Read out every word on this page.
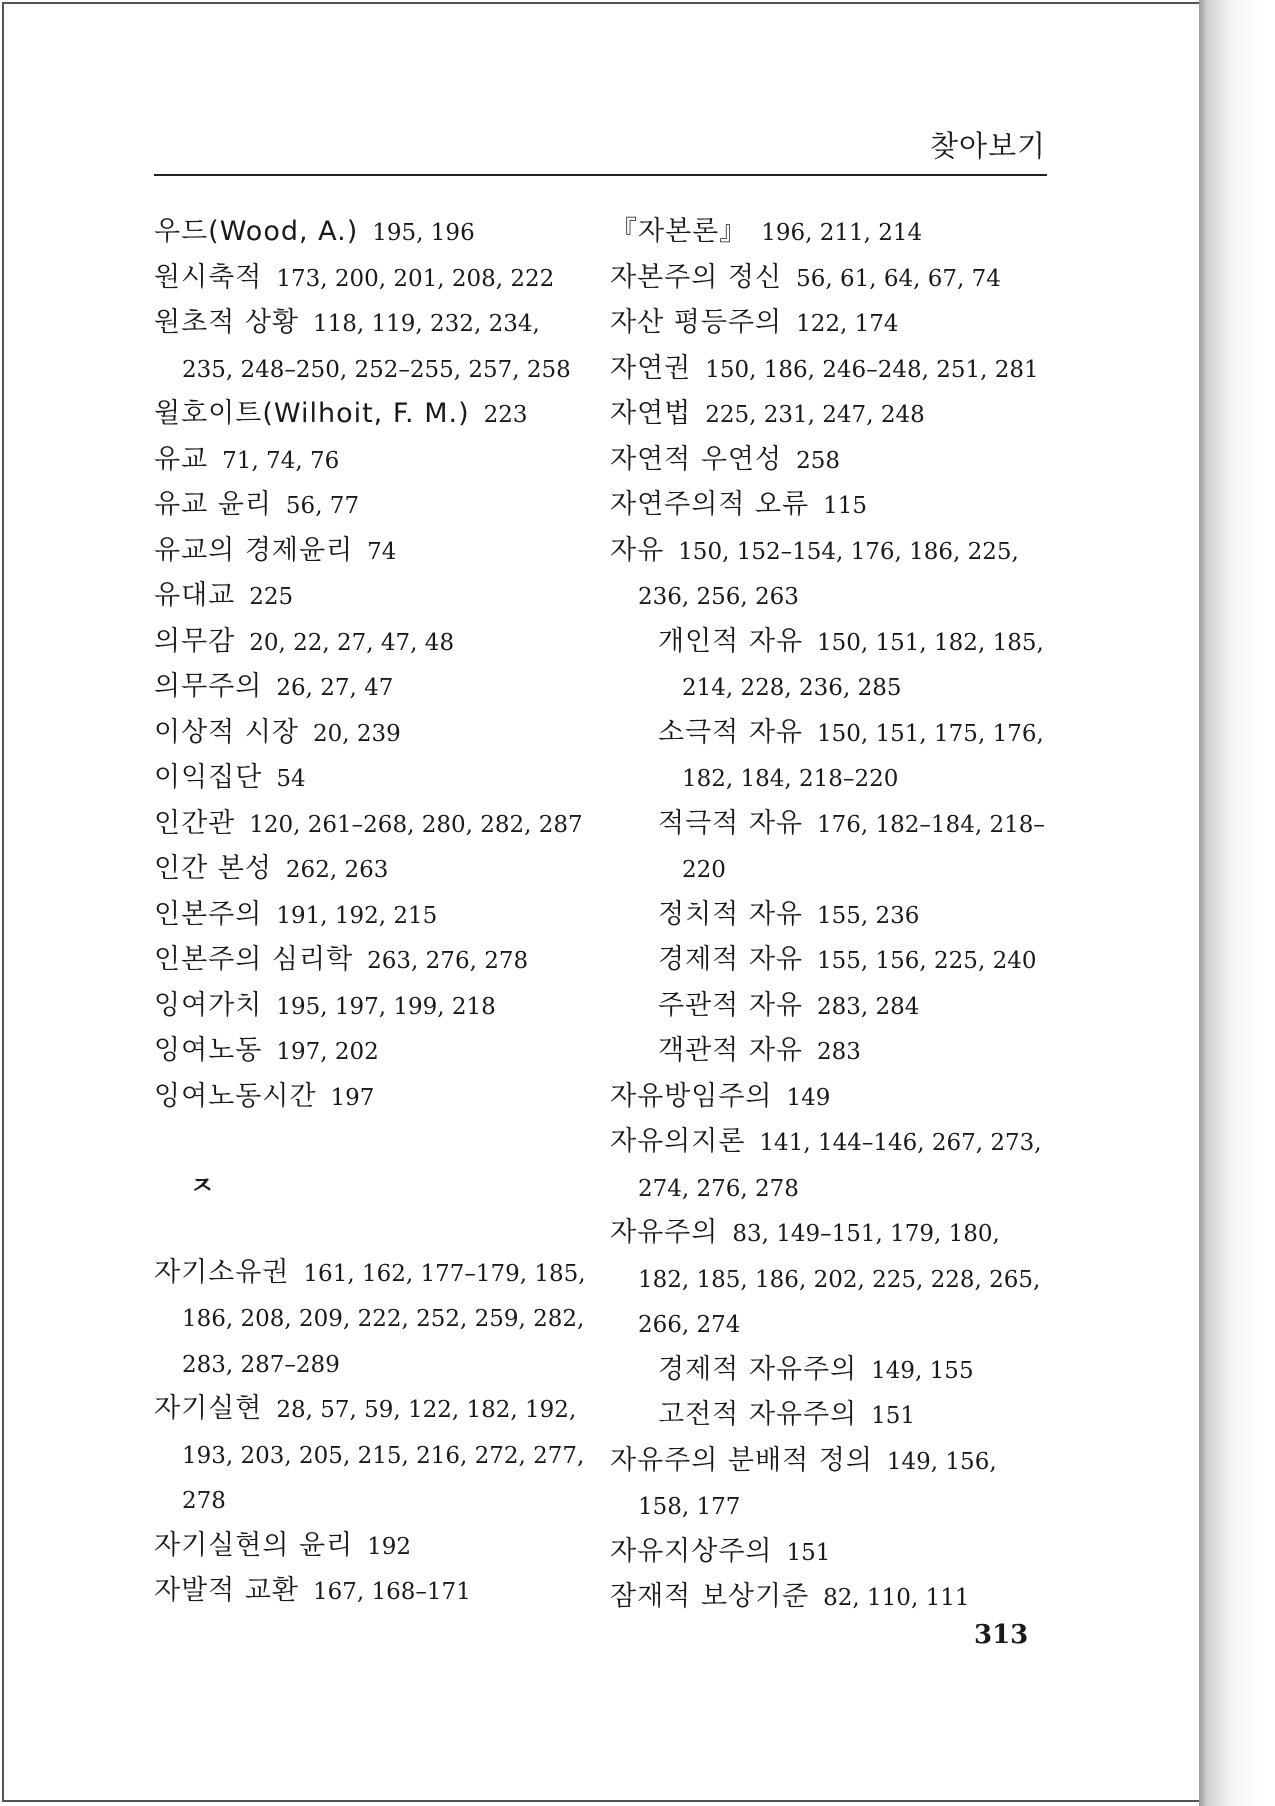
찾아보기
우드(Wood, A.) 195, 196
원시축적 173, 200, 201, 208, 222
원초적 상황 118, 119, 232, 234,
235, 248–250, 252–255, 257, 258
윌호이트(Wilhoit, F. M.) 223
유교 71, 74, 76
유교 윤리 56, 77
유교의 경제윤리 74
유대교 225
의무감 20, 22, 27, 47, 48
의무주의 26, 27, 47
이상적 시장 20, 239
이익집단 54
인간관 120, 261–268, 280, 282, 287
인간 본성 262, 263
인본주의 191, 192, 215
인본주의 심리학 263, 276, 278
잉여가치 195, 197, 199, 218
잉여노동 197, 202
잉여노동시간 197
ㅈ
자기소유권 161, 162, 177–179, 185,
186, 208, 209, 222, 252, 259, 282,
283, 287–289
자기실현 28, 57, 59, 122, 182, 192,
193, 203, 205, 215, 216, 272, 277,
278
자기실현의 윤리 192
자발적 교환 167, 168–171
『자본론』 196, 211, 214
자본주의 정신 56, 61, 64, 67, 74
자산 평등주의 122, 174
자연권 150, 186, 246–248, 251, 281
자연법 225, 231, 247, 248
자연적 우연성 258
자연주의적 오류 115
자유 150, 152–154, 176, 186, 225,
236, 256, 263
개인적 자유 150, 151, 182, 185,
214, 228, 236, 285
소극적 자유 150, 151, 175, 176,
182, 184, 218–220
적극적 자유 176, 182–184, 218–
220
정치적 자유 155, 236
경제적 자유 155, 156, 225, 240
주관적 자유 283, 284
객관적 자유 283
자유방임주의 149
자유의지론 141, 144–146, 267, 273,
274, 276, 278
자유주의 83, 149–151, 179, 180,
182, 185, 186, 202, 225, 228, 265,
266, 274
경제적 자유주의 149, 155
고전적 자유주의 151
자유주의 분배적 정의 149, 156,
158, 177
자유지상주의 151
잠재적 보상기준 82, 110, 111
313
